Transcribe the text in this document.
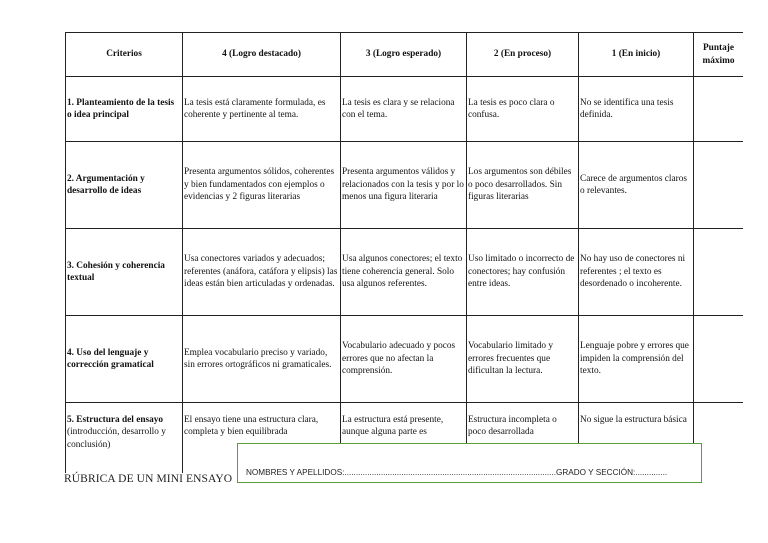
Criterios	4 (Logro destacado)	3 (Logro esperado)	2 (En proceso)	1 (En inicio)	Puntaje máximo
1. Planteamiento de la tesis o idea principal	La tesis está claramente formulada, es coherente y pertinente al tema.	La tesis es clara y se relaciona con el tema.	La tesis es poco clara o confusa.	No se identifica una tesis definida.	
2. Argumentación y desarrollo de ideas	Presenta argumentos sólidos, coherentes y bien fundamentados con ejemplos o evidencias y 2 figuras literarias	Presenta argumentos válidos y relacionados con la tesis y por lo menos una figura literaria	Los argumentos son débiles o poco desarrollados. Sin figuras literarias	Carece de argumentos claros o relevantes.	
3. Cohesión y coherencia textual	Usa conectores variados y adecuados; referentes (anáfora, catáfora y elipsis) las ideas están bien articuladas y ordenadas.	Usa algunos conectores; el texto tiene coherencia general. Solo usa algunos referentes.	Uso limitado o incorrecto de conectores; hay confusión entre ideas.	No hay uso de conectores ni referentes ; el texto es desordenado o incoherente.	
4. Uso del lenguaje y corrección gramatical	Emplea vocabulario preciso y variado, sin errores ortográficos ni gramaticales.	Vocabulario adecuado y pocos errores que no afectan la comprensión.	Vocabulario limitado y errores frecuentes que dificultan la lectura.	Lenguaje pobre y errores que impiden la comprensión del texto.	
5. Estructura del ensayo (introducción, desarrollo y conclusión)	El ensayo tiene una estructura clara, completa y bien equilibrada	La estructura está presente, aunque alguna parte es	Estructura incompleta o poco desarrollada	No sigue la estructura básica	
RÚBRICA DE UN MINI ENSAYO
NOMBRES Y APELLIDOS:.............................................................................................GRADO Y SECCIÓN:..............
